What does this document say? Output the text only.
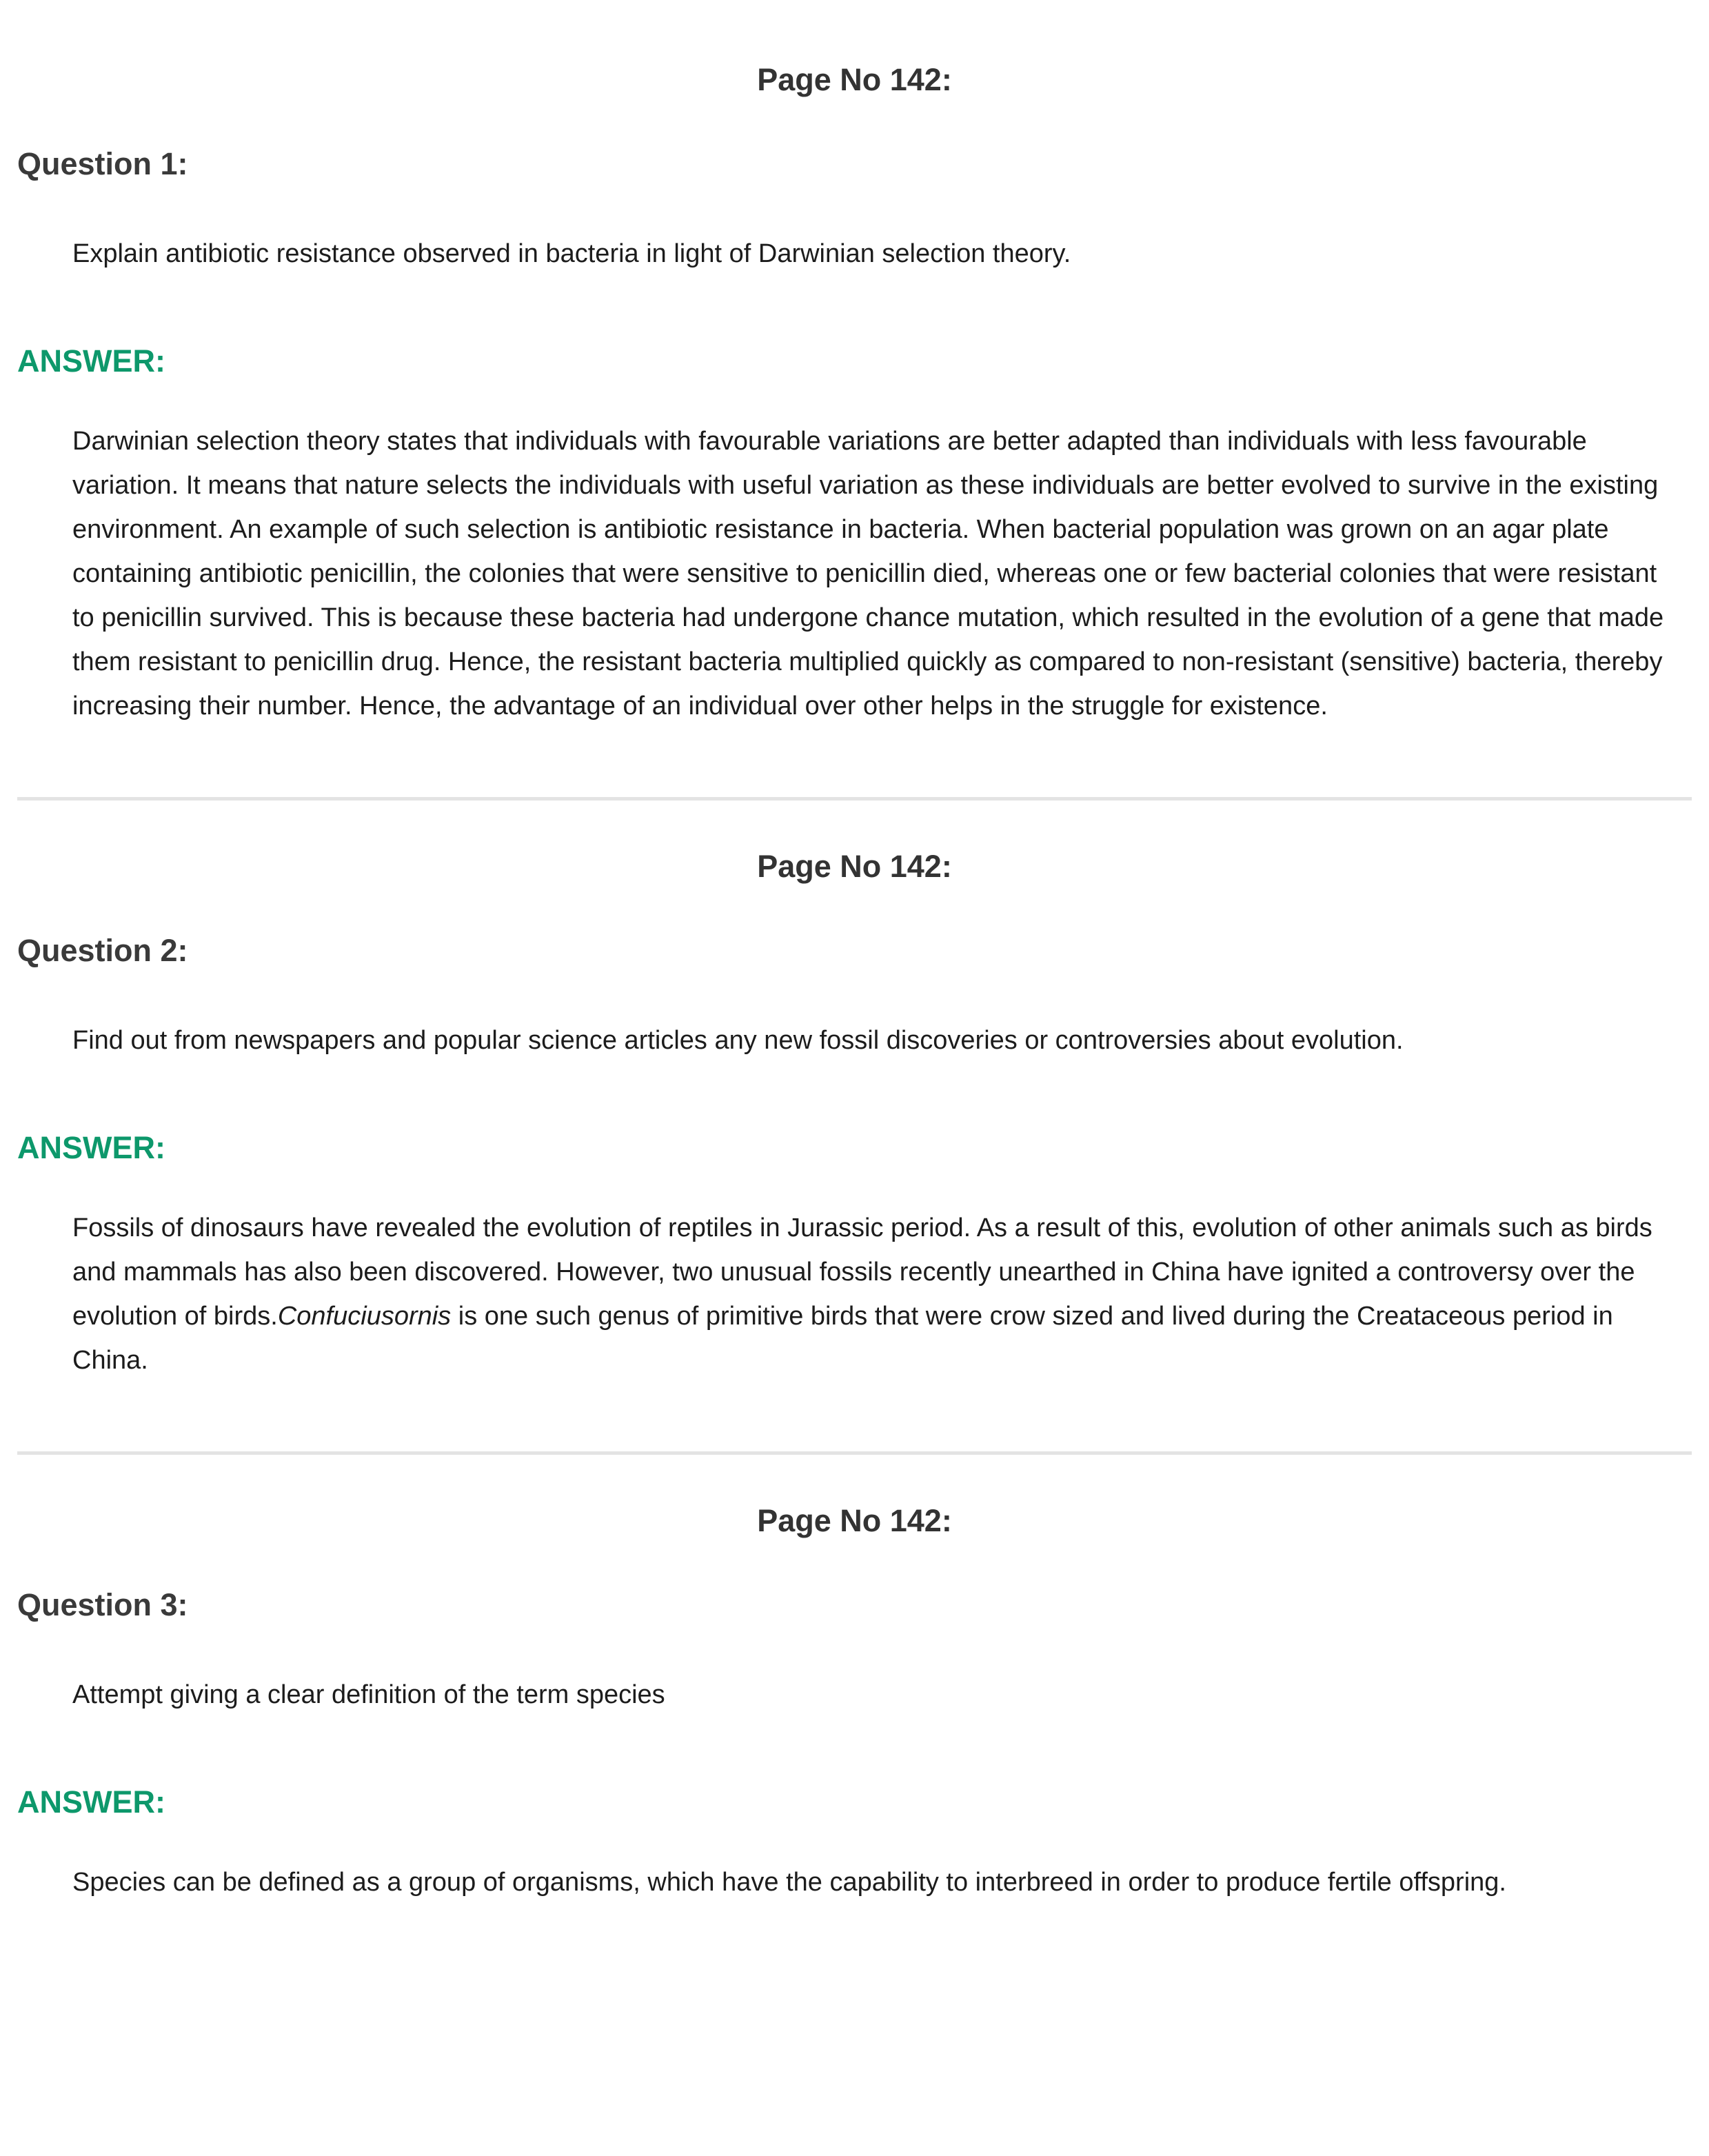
Page No 142:
Question 1:

Explain antibiotic resistance observed in bacteria in light of Darwinian selection theory.

ANSWER:

Darwinian selection theory states that individuals with favourable variations are better adapted than individuals with less favourable variation. It means that nature selects the individuals with useful variation as these individuals are better evolved to survive in the existing environment. An example of such selection is antibiotic resistance in bacteria. When bacterial population was grown on an agar plate containing antibiotic penicillin, the colonies that were sensitive to penicillin died, whereas one or few bacterial colonies that were resistant to penicillin survived. This is because these bacteria had undergone chance mutation, which resulted in the evolution of a gene that made them resistant to penicillin drug. Hence, the resistant bacteria multiplied quickly as compared to non-resistant (sensitive) bacteria, thereby increasing their number. Hence, the advantage of an individual over other helps in the struggle for existence.

Page No 142:
Question 2:

Find out from newspapers and popular science articles any new fossil discoveries or controversies about evolution.

ANSWER:

Fossils of dinosaurs have revealed the evolution of reptiles in Jurassic period. As a result of this, evolution of other animals such as birds and mammals has also been discovered. However, two unusual fossils recently unearthed in China have ignited a controversy over the evolution of birds.Confuciusornis is one such genus of primitive birds that were crow sized and lived during the Creataceous period in China.

Page No 142:
Question 3:

Attempt giving a clear definition of the term species

ANSWER:

Species can be defined as a group of organisms, which have the capability to interbreed in order to produce fertile offspring.
